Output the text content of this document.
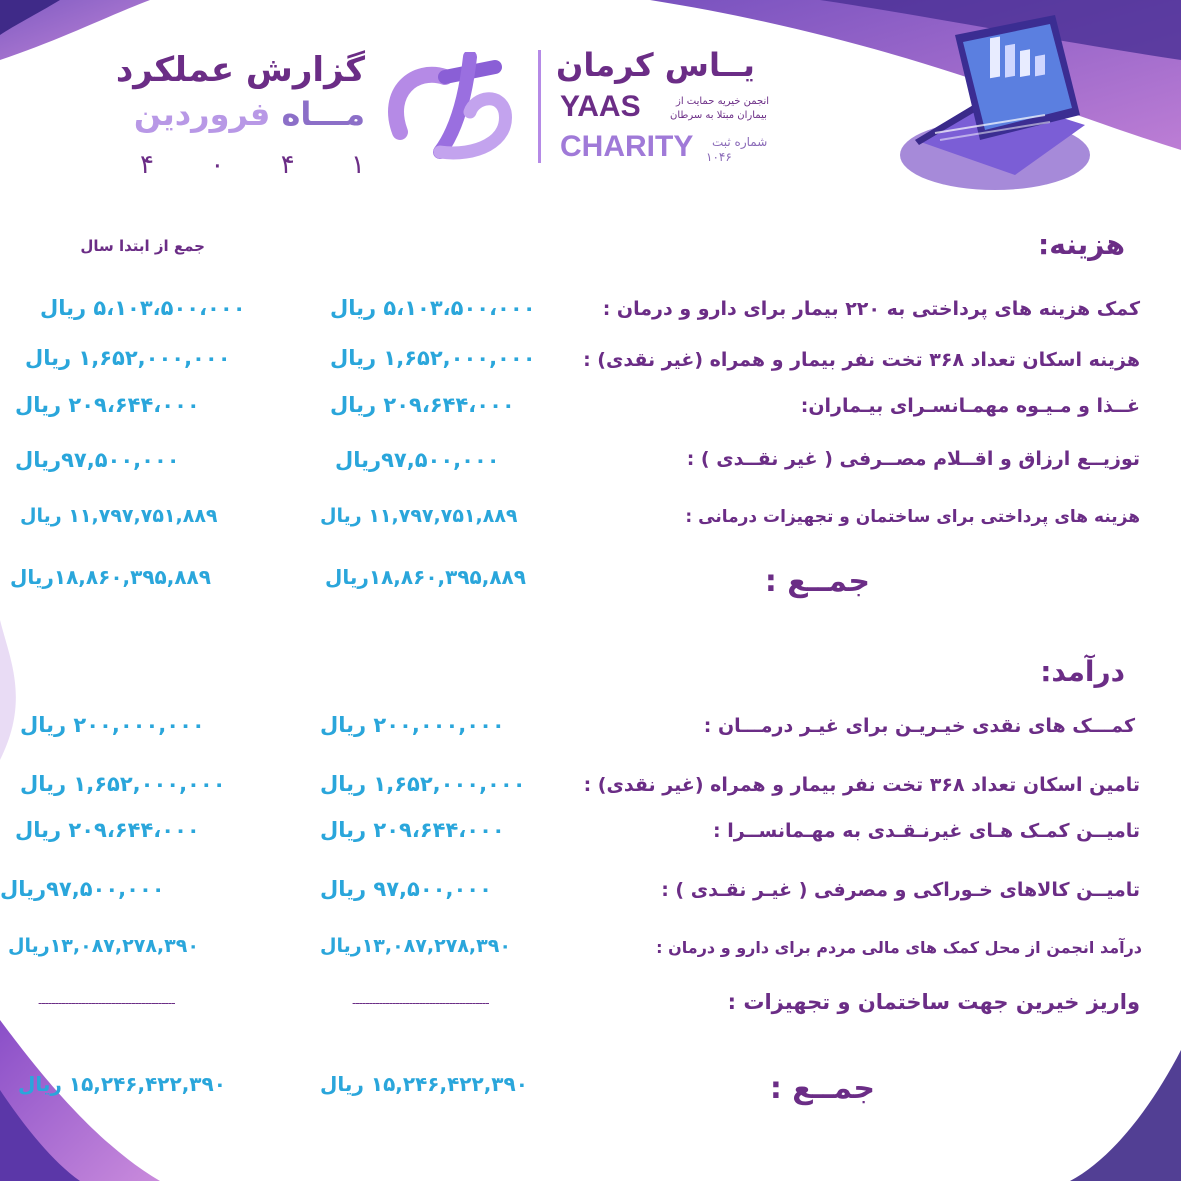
یــاس کرمان
YAAS	انجمن خیریه حمایت از
بیماران مبتلا به سرطان
CHARITY شماره ثبت
۱۰۴۶
گزارش عملکرد
مـــاه فروردین
۱
۴
۰
۴
هزینه:
جمع از ابتدا سال
کمک هزینه های پرداختی به ۲۲۰ بیمار برای دارو و درمان :
۵،۱۰۳،۵۰۰،۰۰۰ ریال
۵،۱۰۳،۵۰۰،۰۰۰ ریال
هزینه اسکان تعداد ۳۶۸ تخت نفر بیمار و همراه (غیر نقدی) :
۱,۶۵۲,۰۰۰,۰۰۰ ریال
۱,۶۵۲,۰۰۰,۰۰۰ ریال
غــذا و مـیـوه مهمـانسـرای بیـماران:
۲۰۹،۶۴۴،۰۰۰ ریال
۲۰۹،۶۴۴،۰۰۰ ریال
توزیــع ارزاق و اقــلام مصــرفی ( غیر نقــدی ) :
۹۷,۵۰۰,۰۰۰ریال
۹۷,۵۰۰,۰۰۰ریال
هزینه های پرداختی برای ساختمان و تجهیزات درمانی :
۱۱,۷۹۷,۷۵۱,۸۸۹ ریال
۱۱,۷۹۷,۷۵۱,۸۸۹ ریال
جمــع :
۱۸,۸۶۰,۳۹۵,۸۸۹ریال
۱۸,۸۶۰,۳۹۵,۸۸۹ریال
درآمد:
کمـــک های نقدی خیـریـن برای غیـر درمـــان :
۲۰۰,۰۰۰,۰۰۰ ریال
۲۰۰,۰۰۰,۰۰۰ ریال
تامین اسکان تعداد ۳۶۸ تخت نفر بیمار و همراه (غیر نقدی) :
۱,۶۵۲,۰۰۰,۰۰۰ ریال
۱,۶۵۲,۰۰۰,۰۰۰ ریال
تامیــن کمـک هـای غیرنـقـدی به مهـمانســرا :
۲۰۹،۶۴۴،۰۰۰ ریال
۲۰۹،۶۴۴،۰۰۰ ریال
تامیــن کالاهای خـوراکی و مصرفی ( غیـر نقـدی ) :
۹۷,۵۰۰,۰۰۰ ریال
۹۷,۵۰۰,۰۰۰ریال
درآمد انجمن از محل کمک های مالی مردم برای دارو و درمان :
۱۳,۰۸۷,۲۷۸,۳۹۰ریال
۱۳,۰۸۷,۲۷۸,۳۹۰ریال
واریز خیرین جهت ساختمان و تجهیزات :
-----------------------------------------
-----------------------------------------
جمــع :
۱۵,۲۴۶,۴۲۲,۳۹۰ ریال
۱۵,۲۴۶,۴۲۲,۳۹۰ ریال
